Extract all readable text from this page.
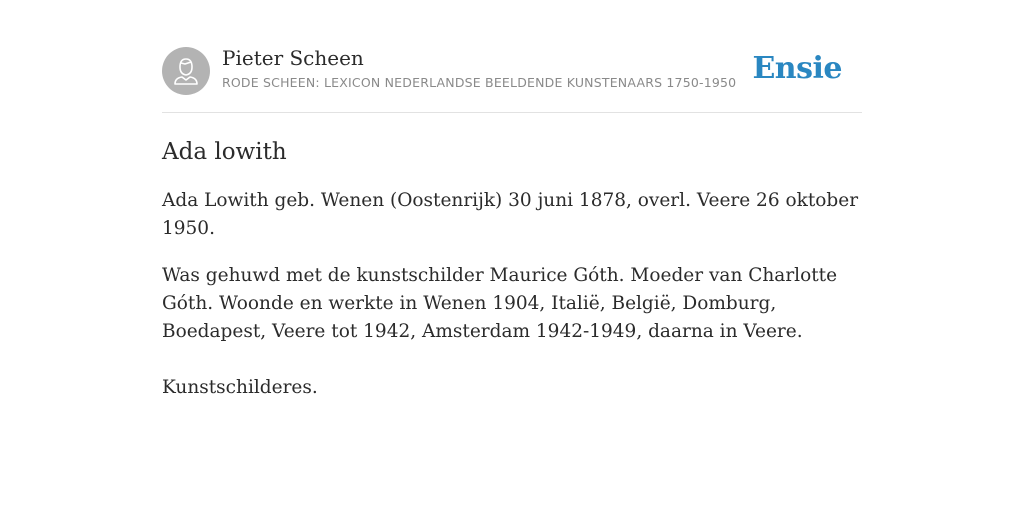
Pieter Scheen
RODE SCHEEN: LEXICON NEDERLANDSE BEELDENDE KUNSTENAARS 1750-1950 Ensie
Ada lowith

Ada Lowith geb. Wenen (Oostenrijk) 30 juni 1878, overl. Veere 26 oktober 1950.

Was gehuwd met de kunstschilder Maurice Góth. Moeder van Charlotte Góth. Woonde en werkte in Wenen 1904, Italië, België, Domburg, Boedapest, Veere tot 1942, Amsterdam 1942-1949, daarna in Veere.

Kunstschilderes.
